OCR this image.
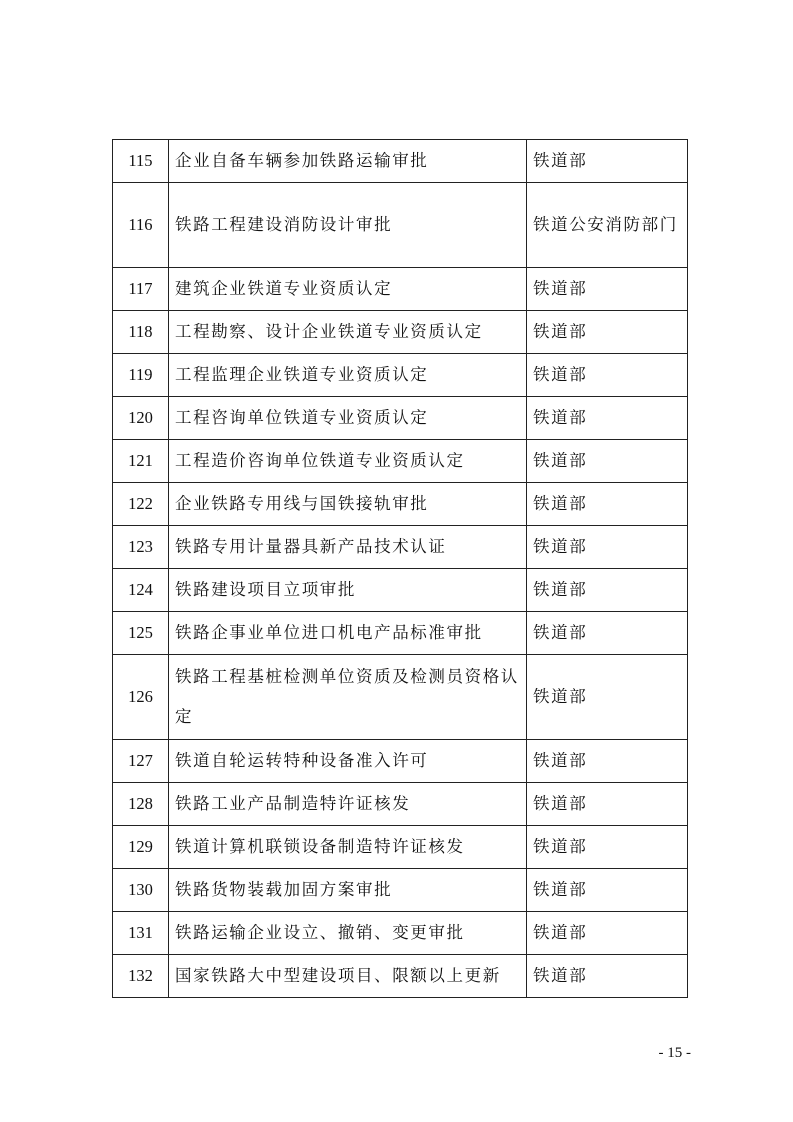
115	企业自备车辆参加铁路运输审批	铁道部
116	铁路工程建设消防设计审批	铁道公安消防部门
117	建筑企业铁道专业资质认定	铁道部
118	工程勘察、设计企业铁道专业资质认定	铁道部
119	工程监理企业铁道专业资质认定	铁道部
120	工程咨询单位铁道专业资质认定	铁道部
121	工程造价咨询单位铁道专业资质认定	铁道部
122	企业铁路专用线与国铁接轨审批	铁道部
123	铁路专用计量器具新产品技术认证	铁道部
124	铁路建设项目立项审批	铁道部
125	铁路企事业单位进口机电产品标准审批	铁道部
126	铁路工程基桩检测单位资质及检测员资格认定	铁道部
127	铁道自轮运转特种设备准入许可	铁道部
128	铁路工业产品制造特许证核发	铁道部
129	铁道计算机联锁设备制造特许证核发	铁道部
130	铁路货物装载加固方案审批	铁道部
131	铁路运输企业设立、撤销、变更审批	铁道部
132	国家铁路大中型建设项目、限额以上更新	铁道部
- 15 -
